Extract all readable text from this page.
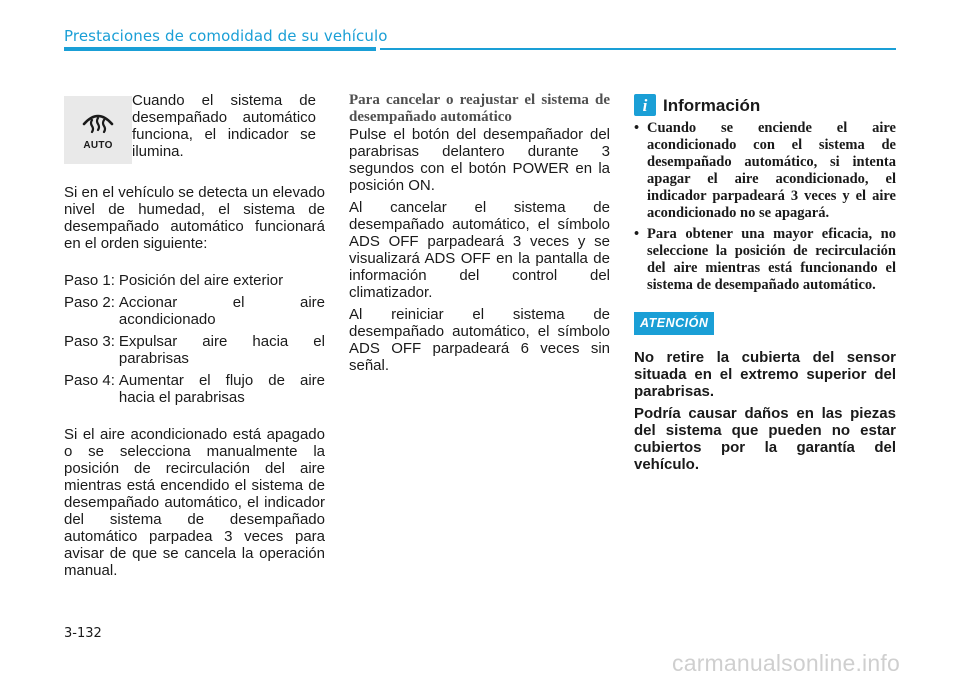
Prestaciones de comodidad de su vehículo
AUTO

Cuando el sistema de desempañado automático funciona, el indicador se ilumina.

Si en el vehículo se detecta un elevado nivel de humedad, el sistema de desempañado automático funcionará en el orden siguiente:

Paso 1: Posición del aire exterior
Paso 2: Accionar el aire
acondicionado
Paso 3: Expulsar aire hacia el
parabrisas
Paso 4: Aumentar el flujo de aire
hacia el parabrisas

Si el aire acondicionado está apagado o se selecciona manualmente la posición de recirculación del aire mientras está encendido el sistema de desempañado automático, el indicador del sistema de desempañado automático parpadea 3 veces para avisar de que se cancela la operación manual.

Para cancelar o reajustar el sistema de desempañado automático

Pulse el botón del desempañador del parabrisas delantero durante 3 segundos con el botón POWER en la posición ON.

Al cancelar el sistema de desempañado automático, el símbolo ADS OFF parpadeará 3 veces y se visualizará ADS OFF en la pantalla de información del control del climatizador.

Al reiniciar el sistema de desempañado automático, el símbolo ADS OFF parpadeará 6 veces sin señal.

i Información
• Cuando se enciende el aire acondicionado con el sistema de desempañado automático, si intenta apagar el aire acondicionado, el indicador parpadeará 3 veces y el aire acondicionado no se apagará.
• Para obtener una mayor eficacia, no seleccione la posición de recirculación del aire mientras está funcionando el sistema de desempañado automático.
ATENCIÓN

No retire la cubierta del sensor situada en el extremo superior del parabrisas.

Podría causar daños en las piezas del sistema que pueden no estar cubiertos por la garantía del vehículo.

3-132
carmanualsonline.info
